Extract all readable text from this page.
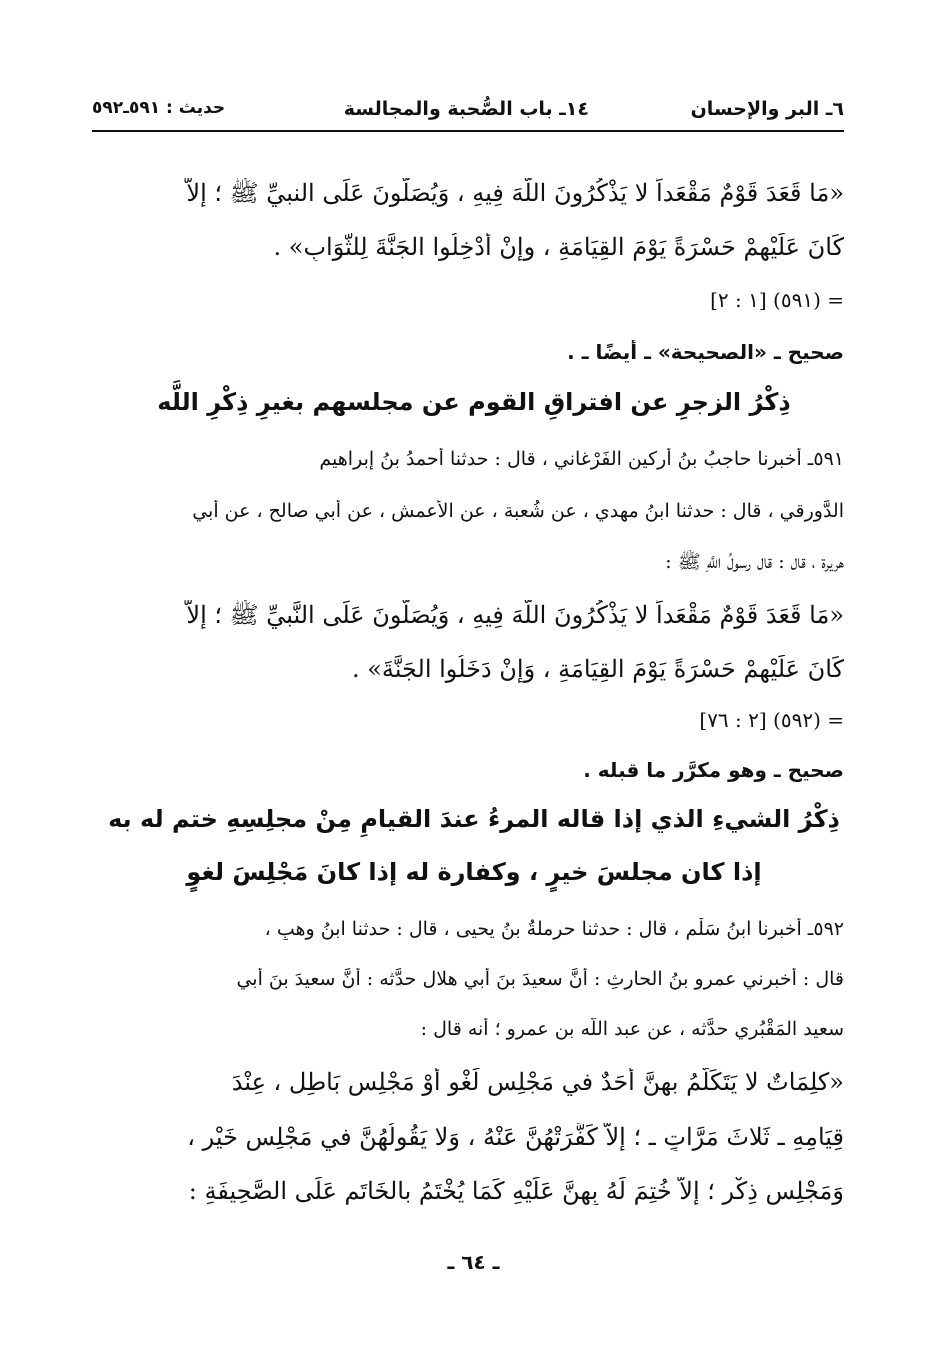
٦ـ البر والإحسان
١٤ـ باب الصُّحبة والمجالسة
حديث : ٥٩١ـ٥٩٢
«مَا قَعَدَ قَوْمٌ مَقْعَداً لا يَذْكُرُونَ اللَّهَ فِيهِ ، وَيُصَلُّونَ عَلَى النبيِّ ﷺ ؛ إلاَّ
كَانَ عَلَيْهِمْ حَسْرَةً يَوْمَ القِيَامَةِ ، وإِنْ أُدْخِلُوا الجَنَّةَ لِلثَّوَابِ» .
= (٥٩١) [١ : ٢]
صحيح ـ «الصحيحة» ـ أيضًا ـ .
ذِكْرُ الزجرِ عن افتراقِ القوم عن مجلسهم بغيرِ ذِكْرِ اللَّه
٥٩١ـ أخبرنا حاجبُ بنُ أركين الفَرْغاني ، قال : حدثنا أحمدُ بنُ إبراهيم
الدَّورقي ، قال : حدثنا ابنُ مهدي ، عن شُعبة ، عن الأعمش ، عن أبي صالح ، عن أبي
هريرة ، قال : قال رسولُ اللَّهِ ﷺ :
«مَا قَعَدَ قَوْمٌ مَقْعَداً لا يَذْكُرُونَ اللَّهَ فِيهِ ، وَيُصَلُّونَ عَلَى النَّبيِّ ﷺ ؛ إلاَّ
كَانَ عَلَيْهِمْ حَسْرَةً يَوْمَ القِيَامَةِ ، وَإِنْ دَخَلُوا الجَنَّةَ» .
= (٥٩٢) [٢ : ٧٦]
صحيح ـ وهو مكرَّر ما قبله .
ذِكْرُ الشيءِ الذي إذا قاله المرءُ عندَ القيامِ مِنْ مجلِسِهِ ختم له به
إذا كان مجلسَ خيرٍ ، وكفارة له إذا كانَ مَجْلِسَ لغوٍ
٥٩٢ـ أخبرنا ابنُ سَلْم ، قال : حدثنا حرملةُ بنُ يحيى ، قال : حدثنا ابنُ وهبٍ ،
قال : أخبرني عمرو بنُ الحارثِ : أنَّ سعيدَ بنَ أبي هلال حدَّثه : أنَّ سعيدَ بنَ أبي
سعيد المَقْبُري حدَّثه ، عن عبد اللَّه بن عمرو ؛ أنه قال :
«كلِمَاتٌ لا يَتَكَلَّمُ بهنَّ أحَدٌ في مَجْلِسِ لَغْوٍ أَوْ مَجْلِسِ بَاطِلٍ ، عِنْدَ
قِيَامِهِ ـ ثَلاثَ مَرَّاتٍ ـ ؛ إلاَّ كَفَّرَتْهُنَّ عَنْهُ ، وَلا يَقُولُهُنَّ في مَجْلِسِ خَيْرٍ ،
وَمَجْلِسِ ذِكْرٍ ؛ إلاَّ خُتِمَ لَهُ بِهِنَّ عَلَيْهِ كَمَا يُخْتَمُ بالخَاتَمِ عَلَى الصَّحِيفَةِ :
ـ ٦٤ ـ
